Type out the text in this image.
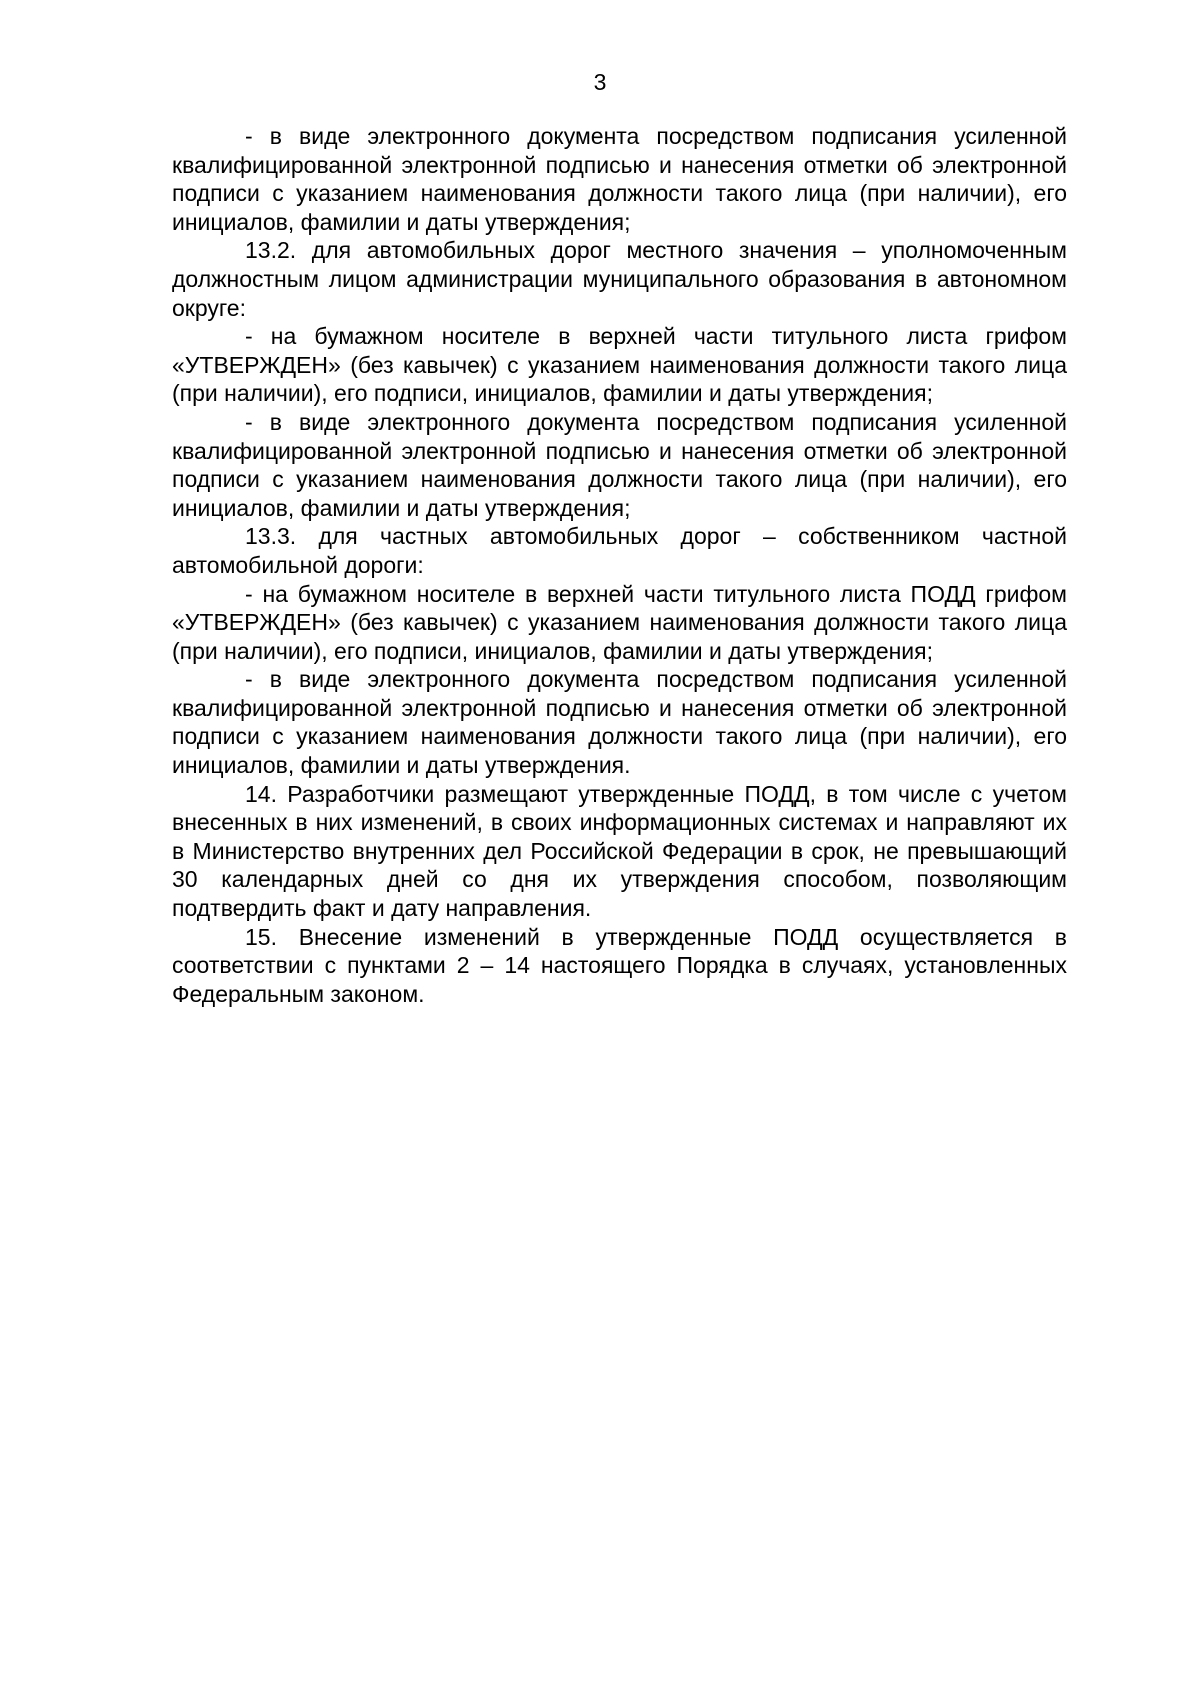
3

- в виде электронного документа посредством подписания усиленной квалифицированной электронной подписью и нанесения отметки об электронной подписи с указанием наименования должности такого лица (при наличии), его инициалов, фамилии и даты утверждения;

13.2. для автомобильных дорог местного значения – уполномоченным должностным лицом администрации муниципального образования в автономном округе:

- на бумажном носителе в верхней части титульного листа грифом «УТВЕРЖДЕН» (без кавычек) с указанием наименования должности такого лица (при наличии), его подписи, инициалов, фамилии и даты утверждения;

- в виде электронного документа посредством подписания усиленной квалифицированной электронной подписью и нанесения отметки об электронной подписи с указанием наименования должности такого лица (при наличии), его инициалов, фамилии и даты утверждения;

13.3. для частных автомобильных дорог – собственником частной автомобильной дороги:

- на бумажном носителе в верхней части титульного листа ПОДД грифом «УТВЕРЖДЕН» (без кавычек) с указанием наименования должности такого лица (при наличии), его подписи, инициалов, фамилии и даты утверждения;

- в виде электронного документа посредством подписания усиленной квалифицированной электронной подписью и нанесения отметки об электронной подписи с указанием наименования должности такого лица (при наличии), его инициалов, фамилии и даты утверждения.

14. Разработчики размещают утвержденные ПОДД, в том числе с учетом внесенных в них изменений, в своих информационных системах и направляют их в Министерство внутренних дел Российской Федерации в срок, не превышающий 30 календарных дней со дня их утверждения способом, позволяющим подтвердить факт и дату направления.

15. Внесение изменений в утвержденные ПОДД осуществляется в соответствии с пунктами 2 – 14 настоящего Порядка в случаях, установленных Федеральным законом.
